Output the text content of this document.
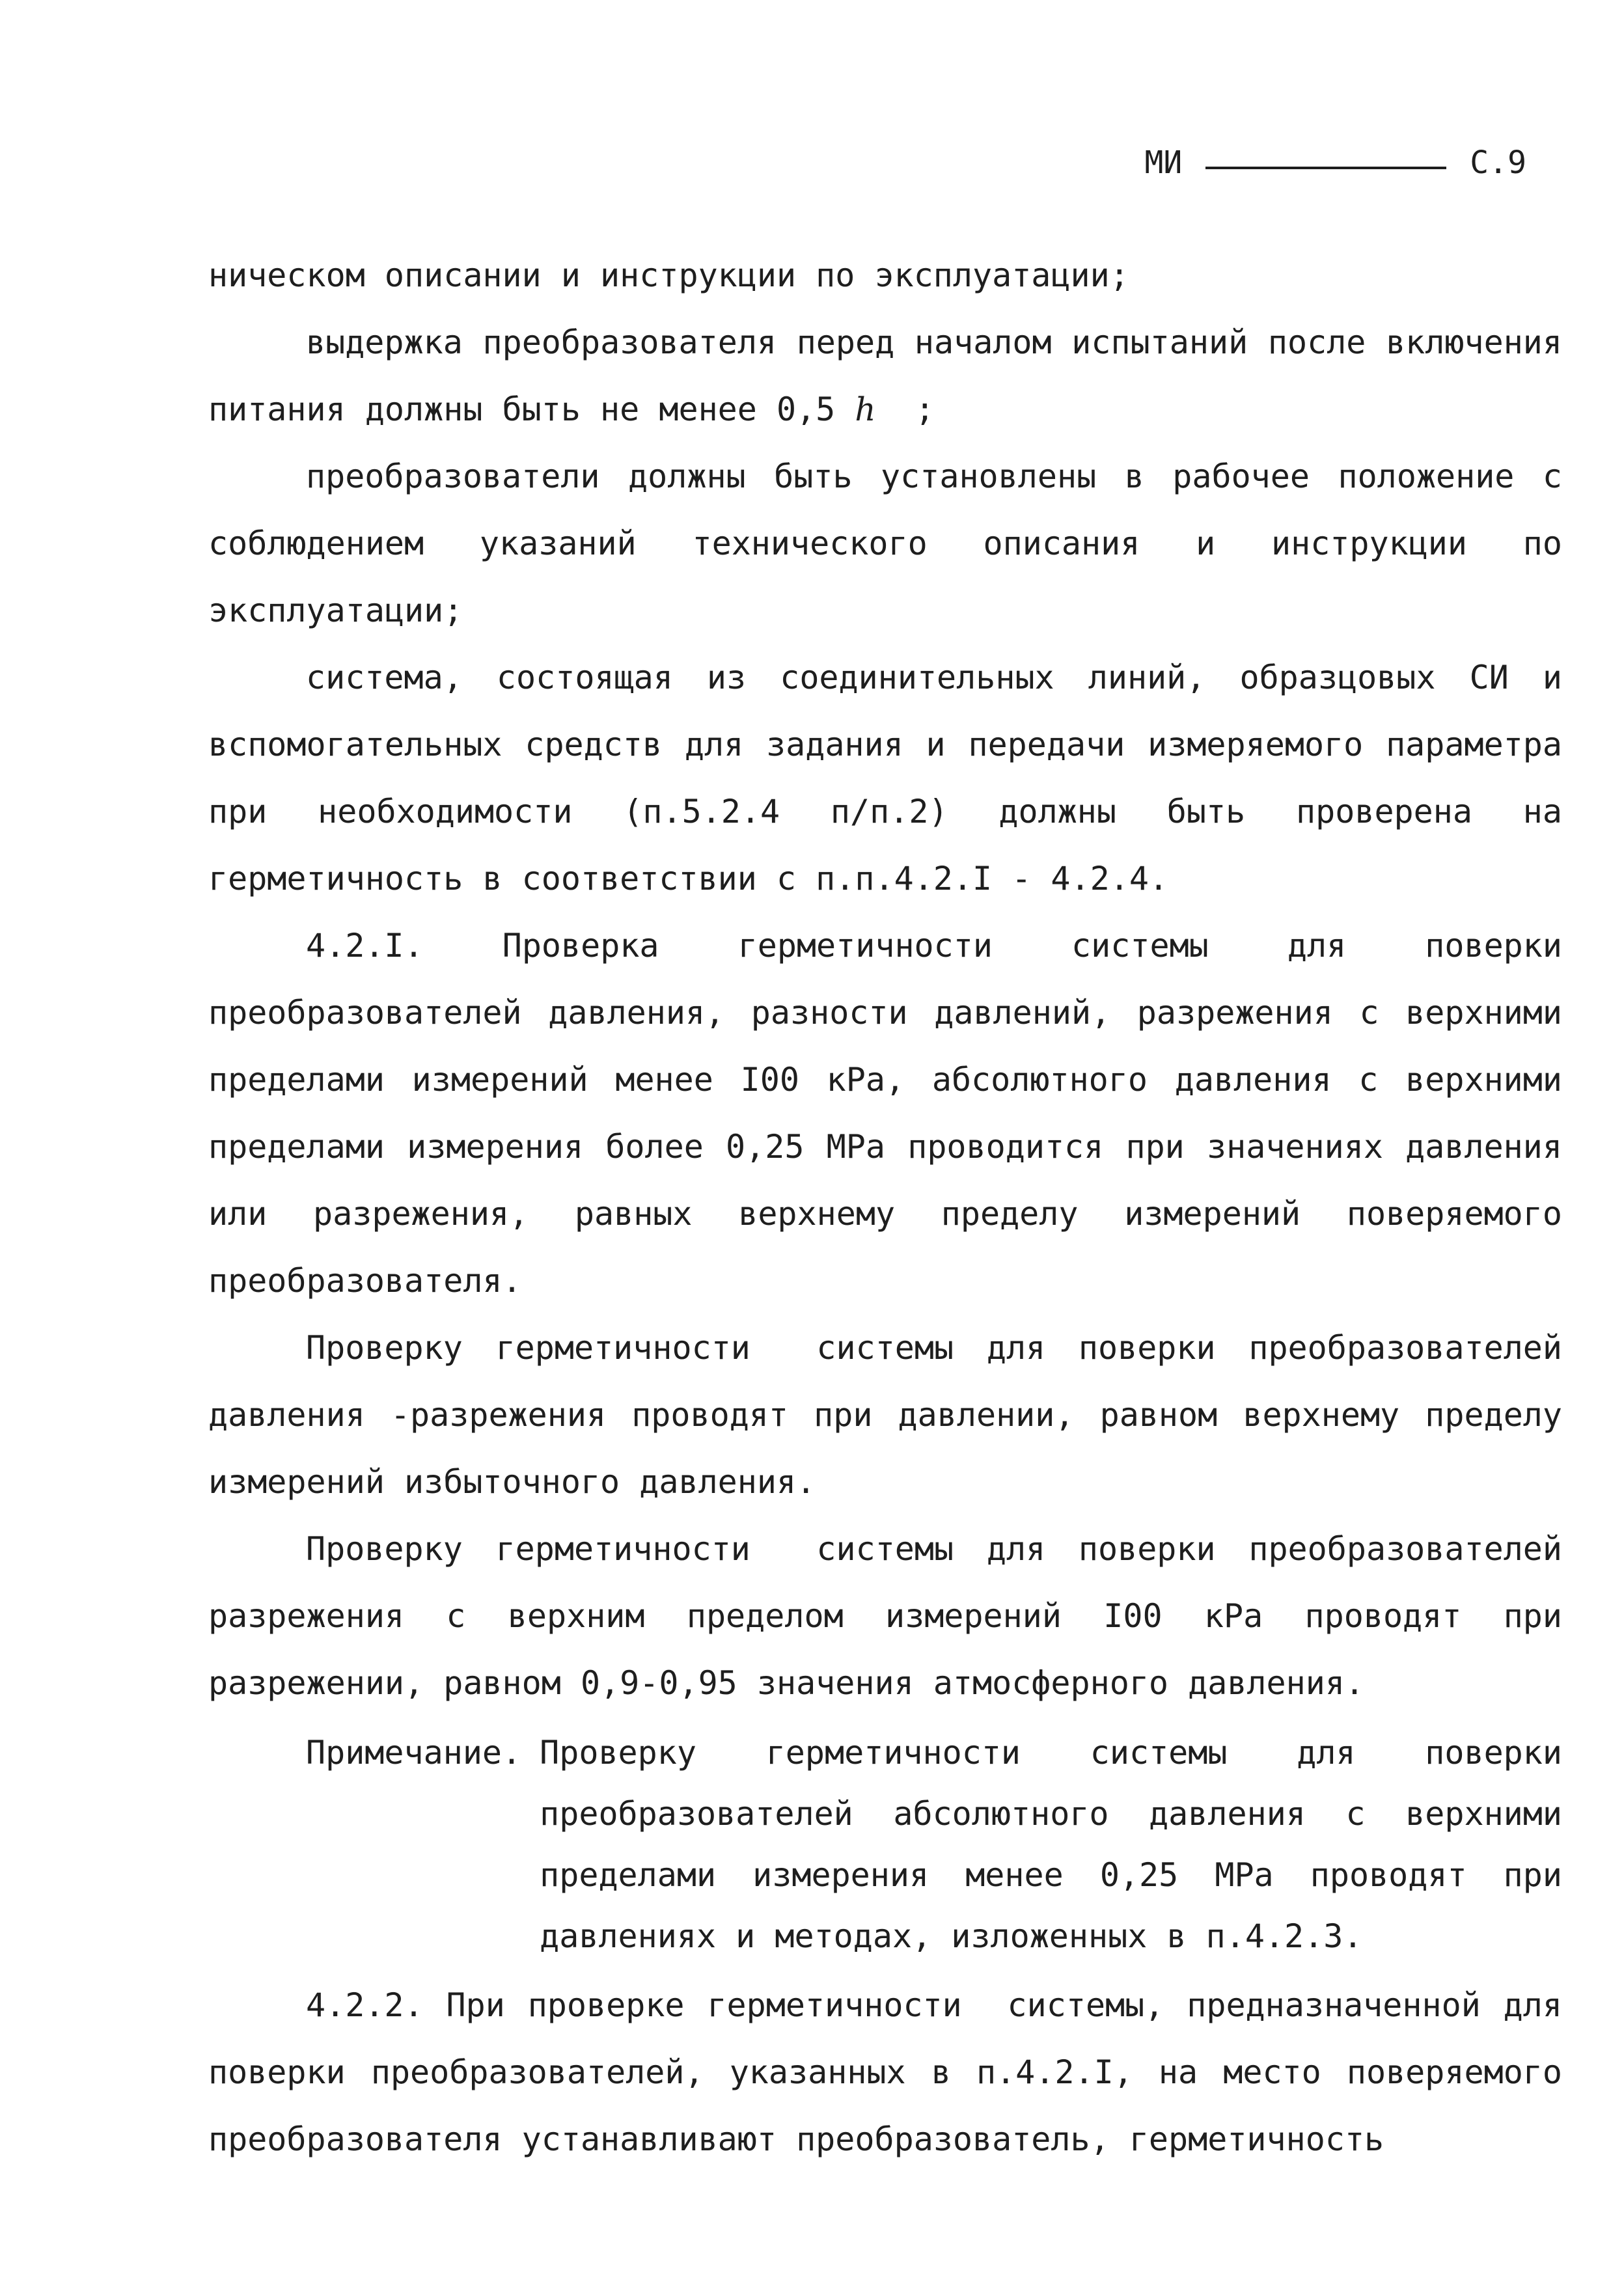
МИ	С.9

ническом описании и инструкции по эксплуатации;

выдержка преобразователя перед началом испытаний после включения питания должны быть не менее 0,5 h  ;

преобразователи должны быть установлены в рабочее положение с соблюдением указаний технического описания и инструкции по эксплуатации;

система, состоящая из соединительных линий, образцовых СИ и вспомогательных средств для задания и передачи измеряемого параметра при необходимости (п.5.2.4 п/п.2) должны быть проверена на герметичность в соответствии с п.п.4.2.I - 4.2.4.

4.2.I. Проверка герметичности системы для поверки преобразователей давления, разности давлений, разрежения с верхними пределами измерений менее I00 кРа, абсолютного давления с верхними пределами измерения более 0,25 МРа проводится при значениях давления или разрежения, равных верхнему пределу измерений поверяемого преобразователя.

Проверку герметичности  системы для поверки преобразователей давления -разрежения проводят при давлении, равном верхнему пределу измерений избыточного давления.

Проверку герметичности  системы для поверки преобразователей разрежения с верхним пределом измерений I00 кРа проводят при разрежении, равном 0,9-0,95 значения атмосферного давления.

Примечание. Проверку герметичности системы для поверки преобразователей абсолютного давления с верхними пределами измерения менее 0,25 МРа проводят при давлениях и методах, изложенных в п.4.2.3.

4.2.2. При проверке герметичности  системы, предназначенной для поверки преобразователей, указанных в п.4.2.I, на место поверяемого преобразователя устанавливают преобразователь, герметичность
